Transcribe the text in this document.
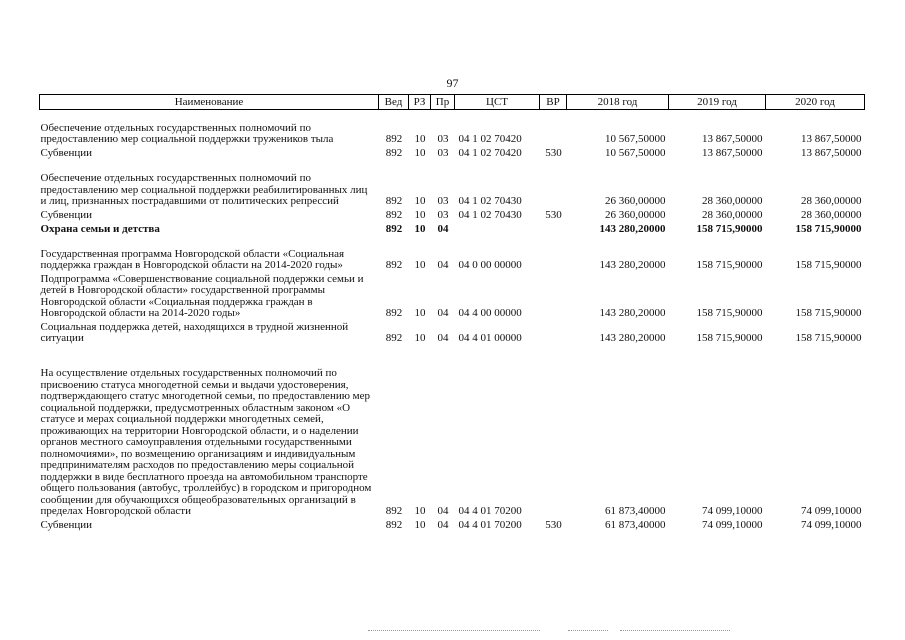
97
Наименование	Вед	РЗ	Пр	ЦСТ	ВР	2018 год	2019 год	2020 год
Обеспечение отдельных государственных полномочий по предоставлению мер социальной поддержки тружеников тыла	892	10	03	04 1 02 70420		10 567,50000	13 867,50000	13 867,50000
Субвенции	892	10	03	04 1 02 70420	530	10 567,50000	13 867,50000	13 867,50000
Обеспечение отдельных государственных полномочий по предоставлению мер социальной поддержки реабилитированных лиц и лиц, признанных пострадавшими от политических репрессий	892	10	03	04 1 02 70430		26 360,00000	28 360,00000	28 360,00000
Субвенции	892	10	03	04 1 02 70430	530	26 360,00000	28 360,00000	28 360,00000
Охрана семьи и детства	892	10	04			143 280,20000	158 715,90000	158 715,90000
Государственная программа Новгородской области «Социальная поддержка граждан в Новгородской области на 2014-2020 годы»	892	10	04	04 0 00 00000		143 280,20000	158 715,90000	158 715,90000
Подпрограмма «Совершенствование социальной поддержки семьи и детей в Новгородской области» государственной программы Новгородской области «Социальная поддержка граждан в Новгородской области на 2014-2020 годы»	892	10	04	04 4 00 00000		143 280,20000	158 715,90000	158 715,90000
Социальная поддержка детей, находящихся в трудной жизненной ситуации	892	10	04	04 4 01 00000		143 280,20000	158 715,90000	158 715,90000
На осуществление отдельных государственных полномочий по присвоению статуса многодетной семьи и выдачи удостоверения, подтверждающего статус многодетной семьи, по предоставлению мер социальной поддержки, предусмотренных областным законом «О статусе и мерах социальной поддержки многодетных семей, проживающих на территории Новгородской области, и о наделении органов местного самоуправления отдельными государственными полномочиями», по возмещению организациям и индивидуальным предпринимателям расходов по предоставлению меры социальной поддержки в виде бесплатного проезда на автомобильном транспорте общего пользования (автобус, троллейбус) в городском и пригородном сообщении для обучающихся общеобразовательных организаций в пределах Новгородской области	892	10	04	04 4 01 70200		61 873,40000	74 099,10000	74 099,10000
Субвенции	892	10	04	04 4 01 70200	530	61 873,40000	74 099,10000	74 099,10000
